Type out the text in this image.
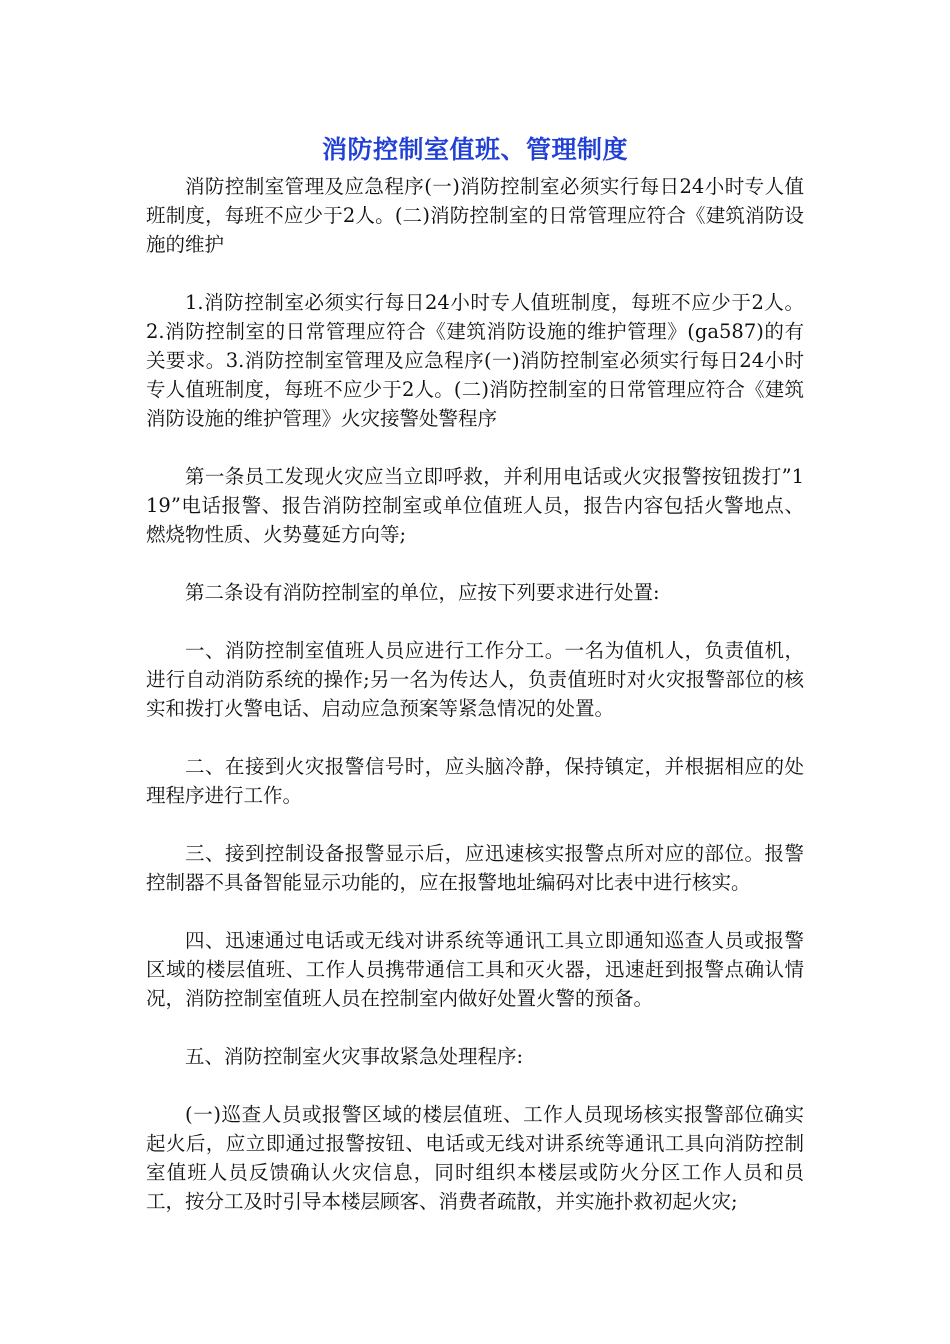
消防控制室值班、管理制度

消防控制室管理及应急程序(一)消防控制室必须实行每日24小时专人值班制度，每班不应少于2人。(二)消防控制室的日常管理应符合《建筑消防设施的维护

1.消防控制室必须实行每日24小时专人值班制度，每班不应少于2人。2.消防控制室的日常管理应符合《建筑消防设施的维护管理》(ga587)的有关要求。3.消防控制室管理及应急程序(一)消防控制室必须实行每日24小时专人值班制度，每班不应少于2人。(二)消防控制室的日常管理应符合《建筑消防设施的维护管理》火灾接警处警程序

第一条员工发现火灾应当立即呼救，并利用电话或火灾报警按钮拨打”119”电话报警、报告消防控制室或单位值班人员，报告内容包括火警地点、燃烧物性质、火势蔓延方向等;

第二条设有消防控制室的单位，应按下列要求进行处置:

一、消防控制室值班人员应进行工作分工。一名为值机人，负责值机，进行自动消防系统的操作;另一名为传达人，负责值班时对火灾报警部位的核实和拨打火警电话、启动应急预案等紧急情况的处置。

二、在接到火灾报警信号时，应头脑冷静，保持镇定，并根据相应的处理程序进行工作。

三、接到控制设备报警显示后，应迅速核实报警点所对应的部位。报警控制器不具备智能显示功能的，应在报警地址编码对比表中进行核实。

四、迅速通过电话或无线对讲系统等通讯工具立即通知巡查人员或报警区域的楼层值班、工作人员携带通信工具和灭火器，迅速赶到报警点确认情况，消防控制室值班人员在控制室内做好处置火警的预备。

五、消防控制室火灾事故紧急处理程序:

(一)巡查人员或报警区域的楼层值班、工作人员现场核实报警部位确实起火后，应立即通过报警按钮、电话或无线对讲系统等通讯工具向消防控制室值班人员反馈确认火灾信息，同时组织本楼层或防火分区工作人员和员工，按分工及时引导本楼层顾客、消费者疏散，并实施扑救初起火灾;
